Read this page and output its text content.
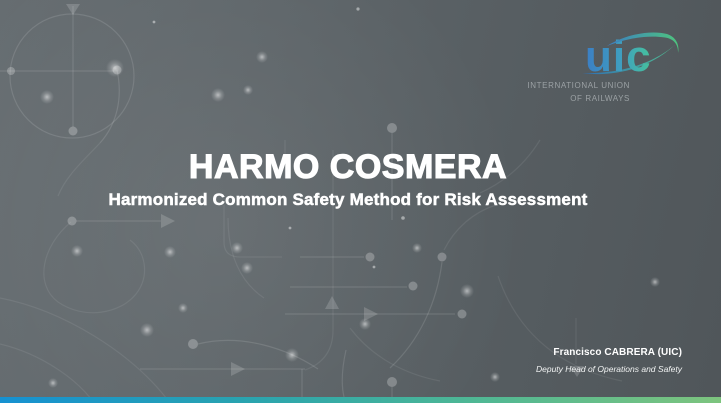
uic
INTERNATIONAL UNION
OF RAILWAYS
HARMO COSMERA

Harmonized Common Safety Method for Risk Assessment

Francisco CABRERA (UIC)
Deputy Head of Operations and Safety
